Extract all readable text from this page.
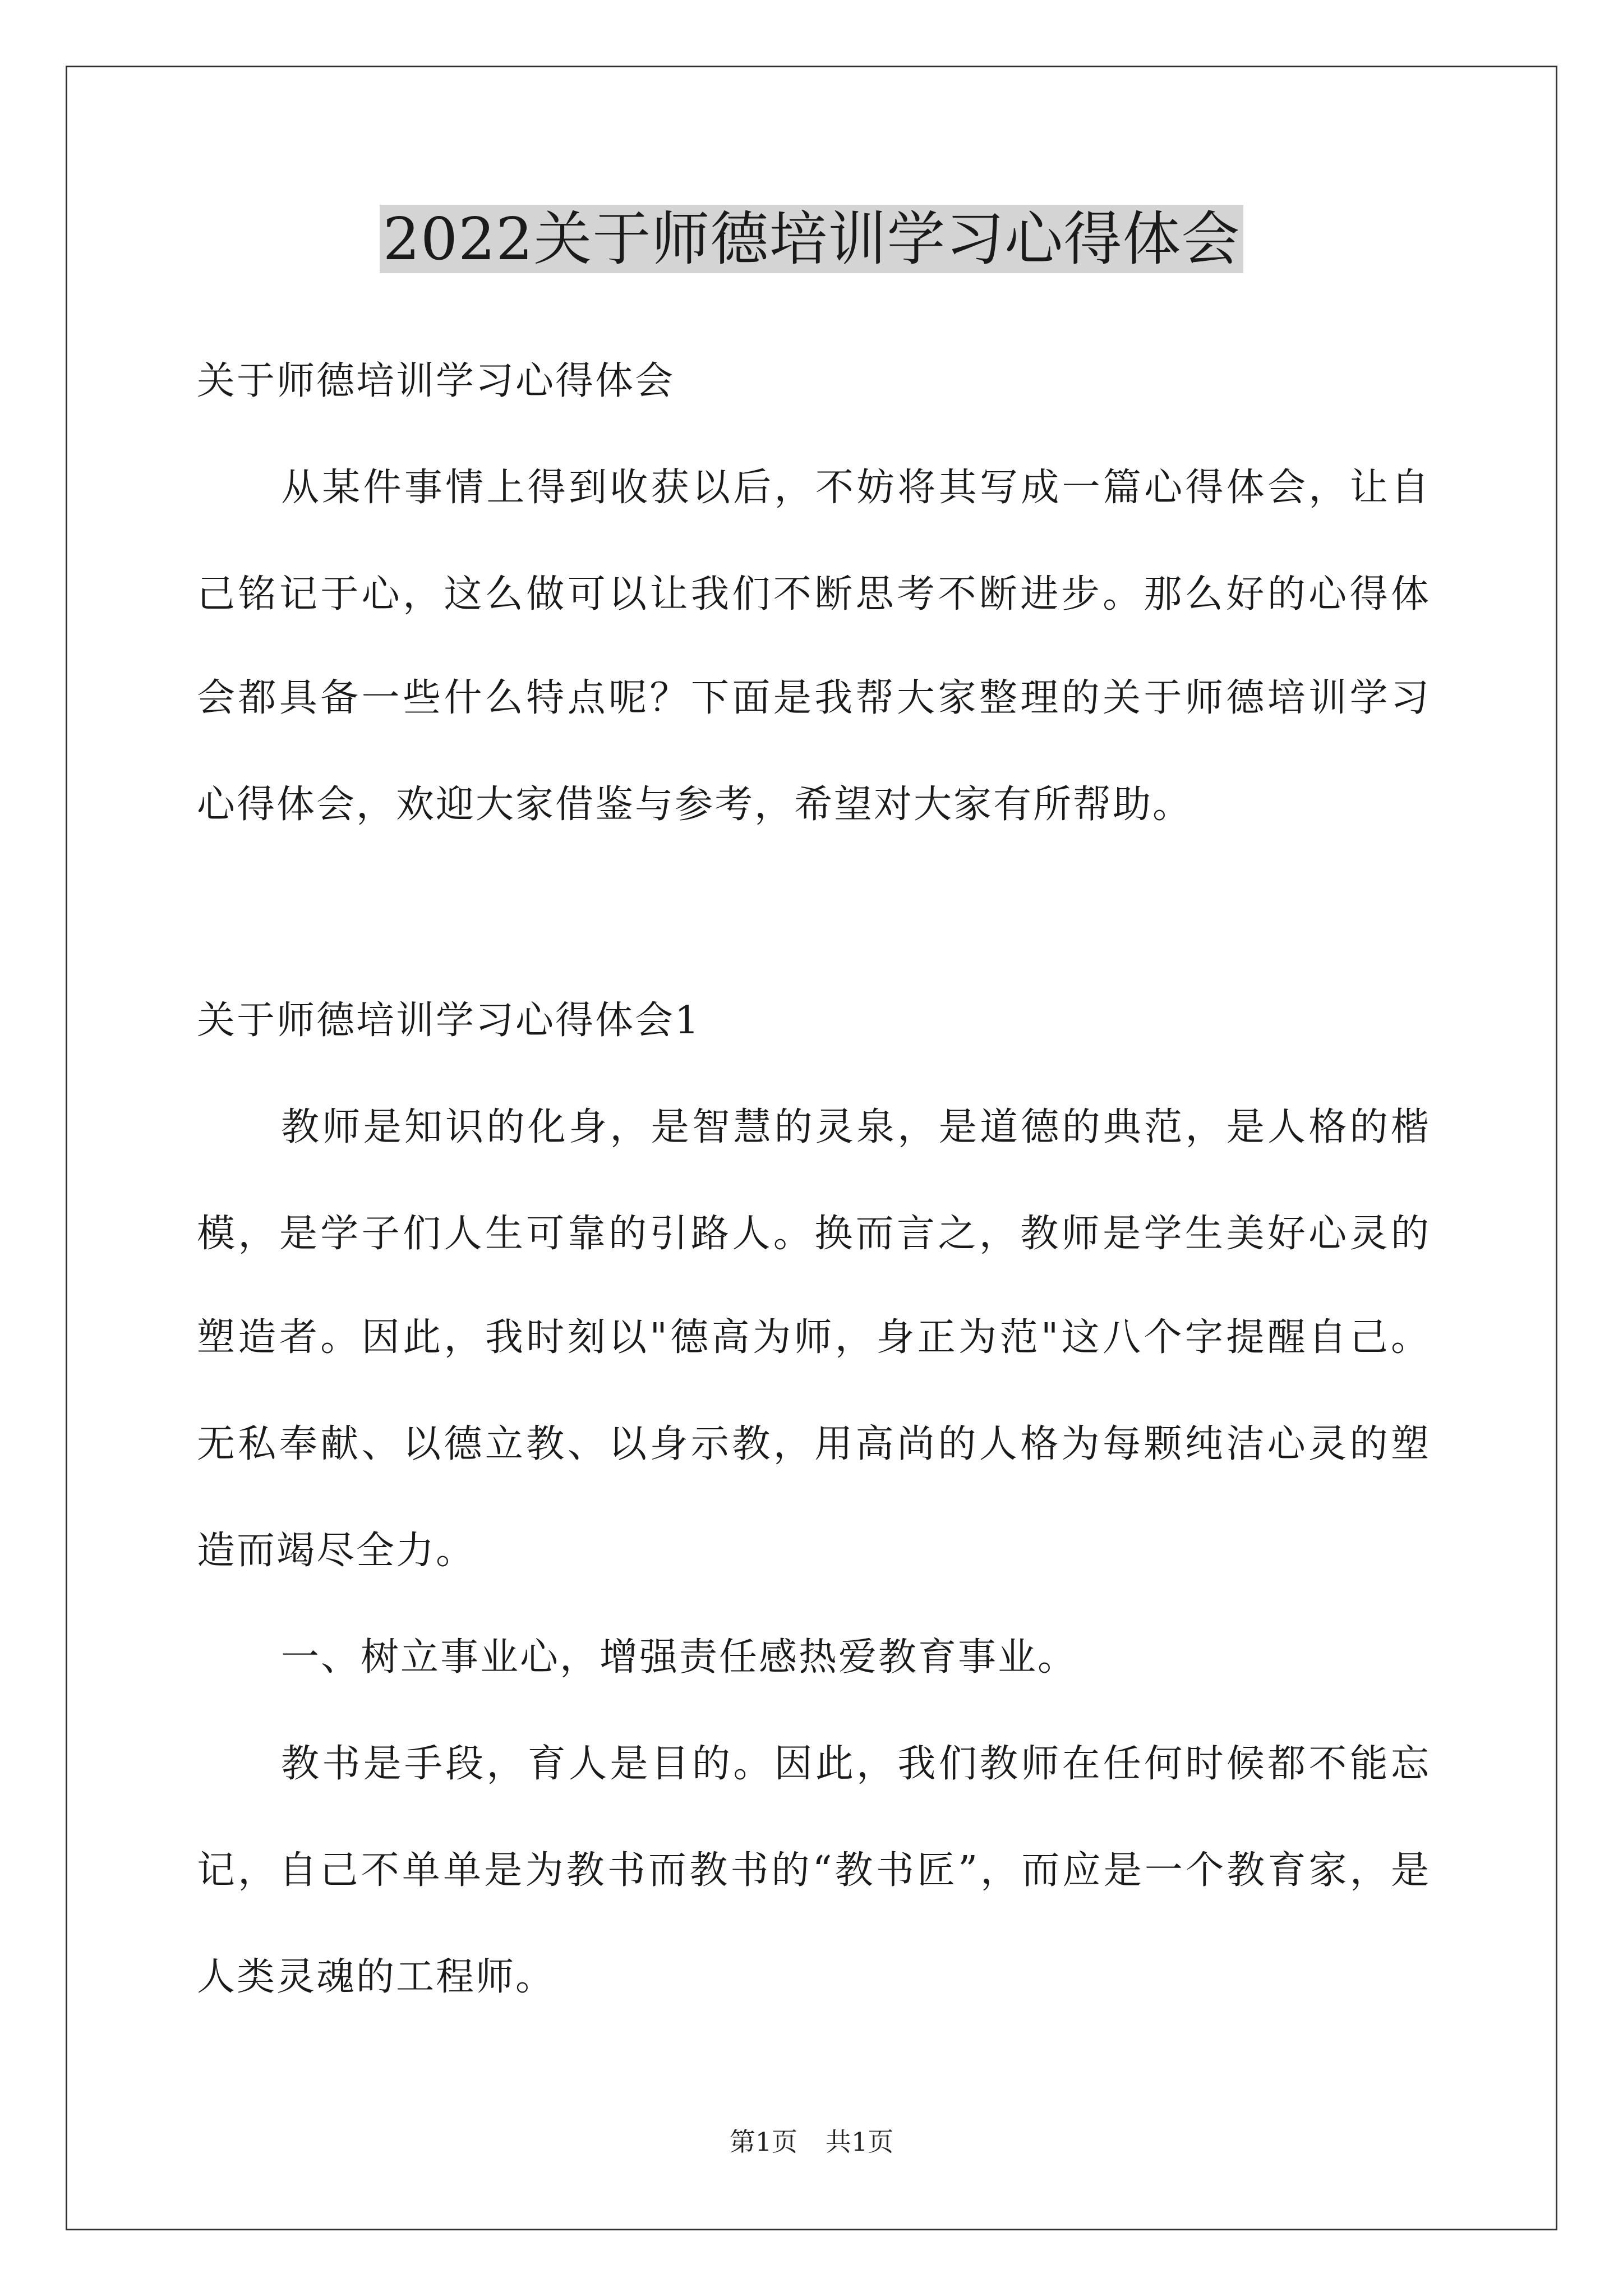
2022关于师德培训学习心得体会
关于师德培训学习心得体会
从某件事情上得到收获以后，不妨将其写成一篇心得体会，让自
己铭记于心，这么做可以让我们不断思考不断进步。那么好的心得体
会都具备一些什么特点呢？下面是我帮大家整理的关于师德培训学习
心得体会，欢迎大家借鉴与参考，希望对大家有所帮助。
关于师德培训学习心得体会1
教师是知识的化身，是智慧的灵泉，是道德的典范，是人格的楷
模，是学子们人生可靠的引路人。换而言之，教师是学生美好心灵的
塑造者。因此，我时刻以"德高为师，身正为范"这八个字提醒自己。
无私奉献、以德立教、以身示教，用高尚的人格为每颗纯洁心灵的塑
造而竭尽全力。
一、树立事业心，增强责任感热爱教育事业。
教书是手段，育人是目的。因此，我们教师在任何时候都不能忘
记，自己不单单是为教书而教书的“教书匠”，而应是一个教育家，是
人类灵魂的工程师。
第1页 共1页
